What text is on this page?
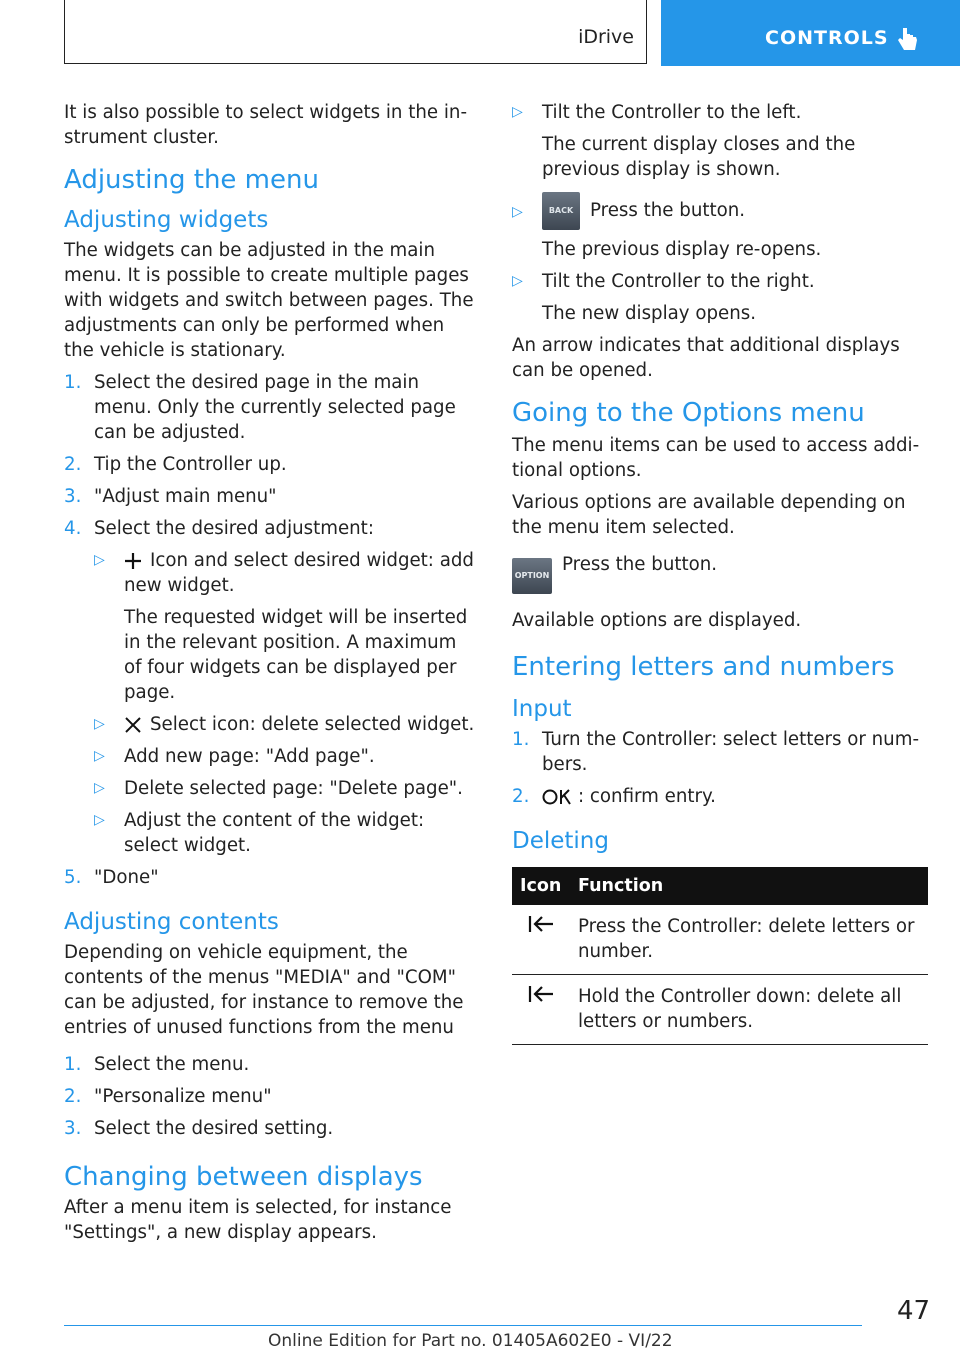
iDrive	CONTROLS

It is also possible to select widgets in the instrument cluster.

Adjusting the menu
Adjusting widgets

The widgets can be adjusted in the main menu. It is possible to create multiple pages with widgets and switch between pages. The adjustments can only be performed when the vehicle is stationary.

1. Select the desired page in the main menu. Only the currently selected page can be adjusted.
2. Tip the Controller up.
3. "Adjust main menu"
4. Select the desired adjustment:
▷ Icon and select desired widget: add new widget.

The requested widget will be inserted in the relevant position. A maximum of four widgets can be displayed per page.

▷ Select icon: delete selected widget.
▷ Add new page: "Add page".
▷ Delete selected page: "Delete page".
▷ Adjust the content of the widget: select widget.
5. "Done"
Adjusting contents

Depending on vehicle equipment, the contents of the menus "MEDIA" and "COM" can be adjusted, for instance to remove the entries of unused functions from the menu

1. Select the menu.
2. "Personalize menu"
3. Select the desired setting.
Changing between displays

After a menu item is selected, for instance "Settings", a new display appears.

▷ Tilt the Controller to the left.

The current display closes and the previous display is shown.

▷	BACK Press the button.

The previous display re-opens.

▷ Tilt the Controller to the right.

The new display opens.

An arrow indicates that additional displays can be opened.

Going to the Options menu

The menu items can be used to access additional options.

Various options are available depending on the menu item selected.

OPTIONPress the button.

Available options are displayed.

Entering letters and numbers
Input
1. Turn the Controller: select letters or numbers.
2.	: confirm entry.
Deleting
Icon	Function
	Press the Controller: delete letters or number.
	Hold the Controller down: delete all letters or numbers.
47
Online Edition for Part no. 01405A602E0 - VI/22
